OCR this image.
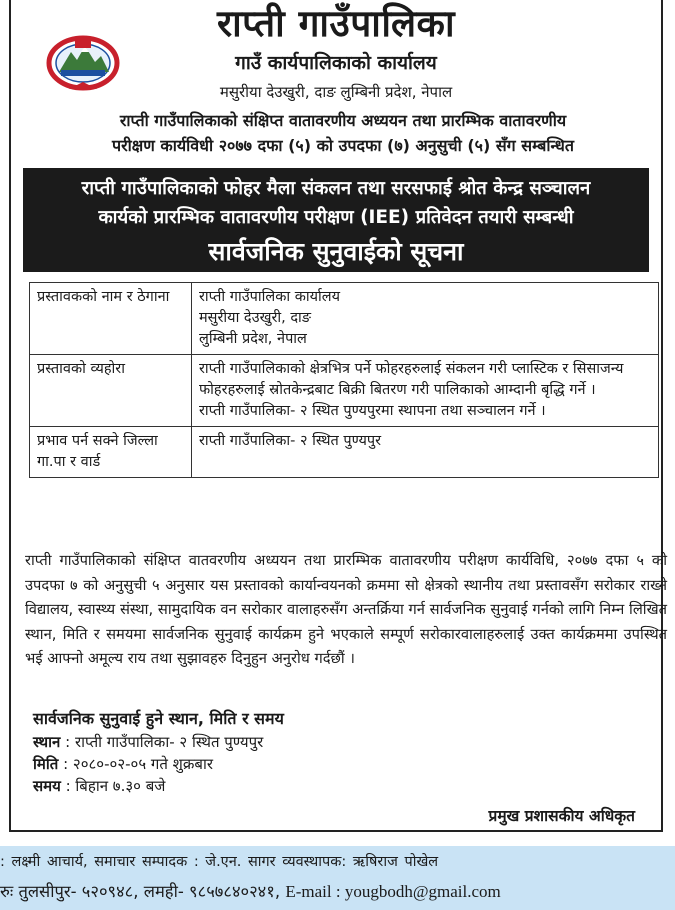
राप्ती गाउँपालिका
गाउँ कार्यपालिकाको कार्यालय
मसुरीया देउखुरी, दाङ लुम्बिनी प्रदेश, नेपाल
राप्ती गाउँपालिकाको संक्षिप्त वातावरणीय अध्ययन तथा प्रारम्भिक वातावरणीय
परीक्षण कार्यविधी २०७७ दफा (५) को उपदफा (७) अनुसुची (५) सँग सम्बन्धित
राप्ती गाउँपालिकाको फोहर मैला संकलन तथा सरसफाई श्रोत केन्द्र सञ्चालन
कार्यको प्रारम्भिक वातावरणीय परीक्षण (IEE) प्रतिवेदन तयारी सम्बन्धी
सार्वजनिक सुनुवाईको सूचना
प्रस्तावकको नाम र ठेगाना	राप्ती गाउँपालिका कार्यालय
मसुरीया देउखुरी, दाङ
लुम्बिनी प्रदेश, नेपाल

प्रस्तावको व्यहोरा	राप्ती गाउँपालिकाको क्षेत्रभित्र पर्ने फोहरहरुलाई संकलन गरी प्लास्टिक र सिसाजन्य फोहरहरुलाई स्रोतकेन्द्रबाट बिक्री बितरण गरी पालिकाको आम्दानी बृद्धि गर्ने ।
राप्ती गाउँपालिका- २ स्थित पुण्यपुरमा स्थापना तथा सञ्चालन गर्ने ।

प्रभाव पर्न सक्ने जिल्ला गा.पा र वार्ड	राप्ती गाउँपालिका- २ स्थित पुण्यपुर
राप्ती गाउँपालिकाको संक्षिप्त वातवरणीय अध्ययन तथा प्रारम्भिक वातावरणीय परीक्षण कार्यविधि, २०७७ दफा ५ को उपदफा ७ को अनुसुची ५ अनुसार यस प्रस्तावको कार्यान्वयनको क्रममा सो क्षेत्रको स्थानीय तथा प्रस्तावसँग सरोकार राख्ने विद्यालय, स्वास्थ्य संस्था, सामुदायिक वन सरोकार वालाहरुसँग अन्तर्क्रिया गर्न सार्वजनिक सुनुवाई गर्नको लागि निम्न लिखित स्थान, मिति र समयमा सार्वजनिक सुनुवाई कार्यक्रम हुने भएकाले सम्पूर्ण सरोकारवालाहरुलाई उक्त कार्यक्रममा उपस्थित भई आफ्नो अमूल्य राय तथा सुझावहरु दिनुहुन अनुरोध गर्दछौं ।
सार्वजनिक सुनुवाई हुने स्थान, मिति र समय
स्थान : राप्ती गाउँपालिका- २ स्थित पुण्यपुर
मिति : २०८०-०२-०५ गते शुक्रबार
समय : बिहान ७.३० बजे
प्रमुख प्रशासकीय अधिकृत
: लक्ष्मी आचार्य, समाचार सम्पादक : जे.एन. सागर व्यवस्थापक: ऋषिराज पोखेल
रुः तुलसीपुर- ५२०९४८, लमही- ९८५७८४०२४१, E-mail : yougbodh@gmail.com
